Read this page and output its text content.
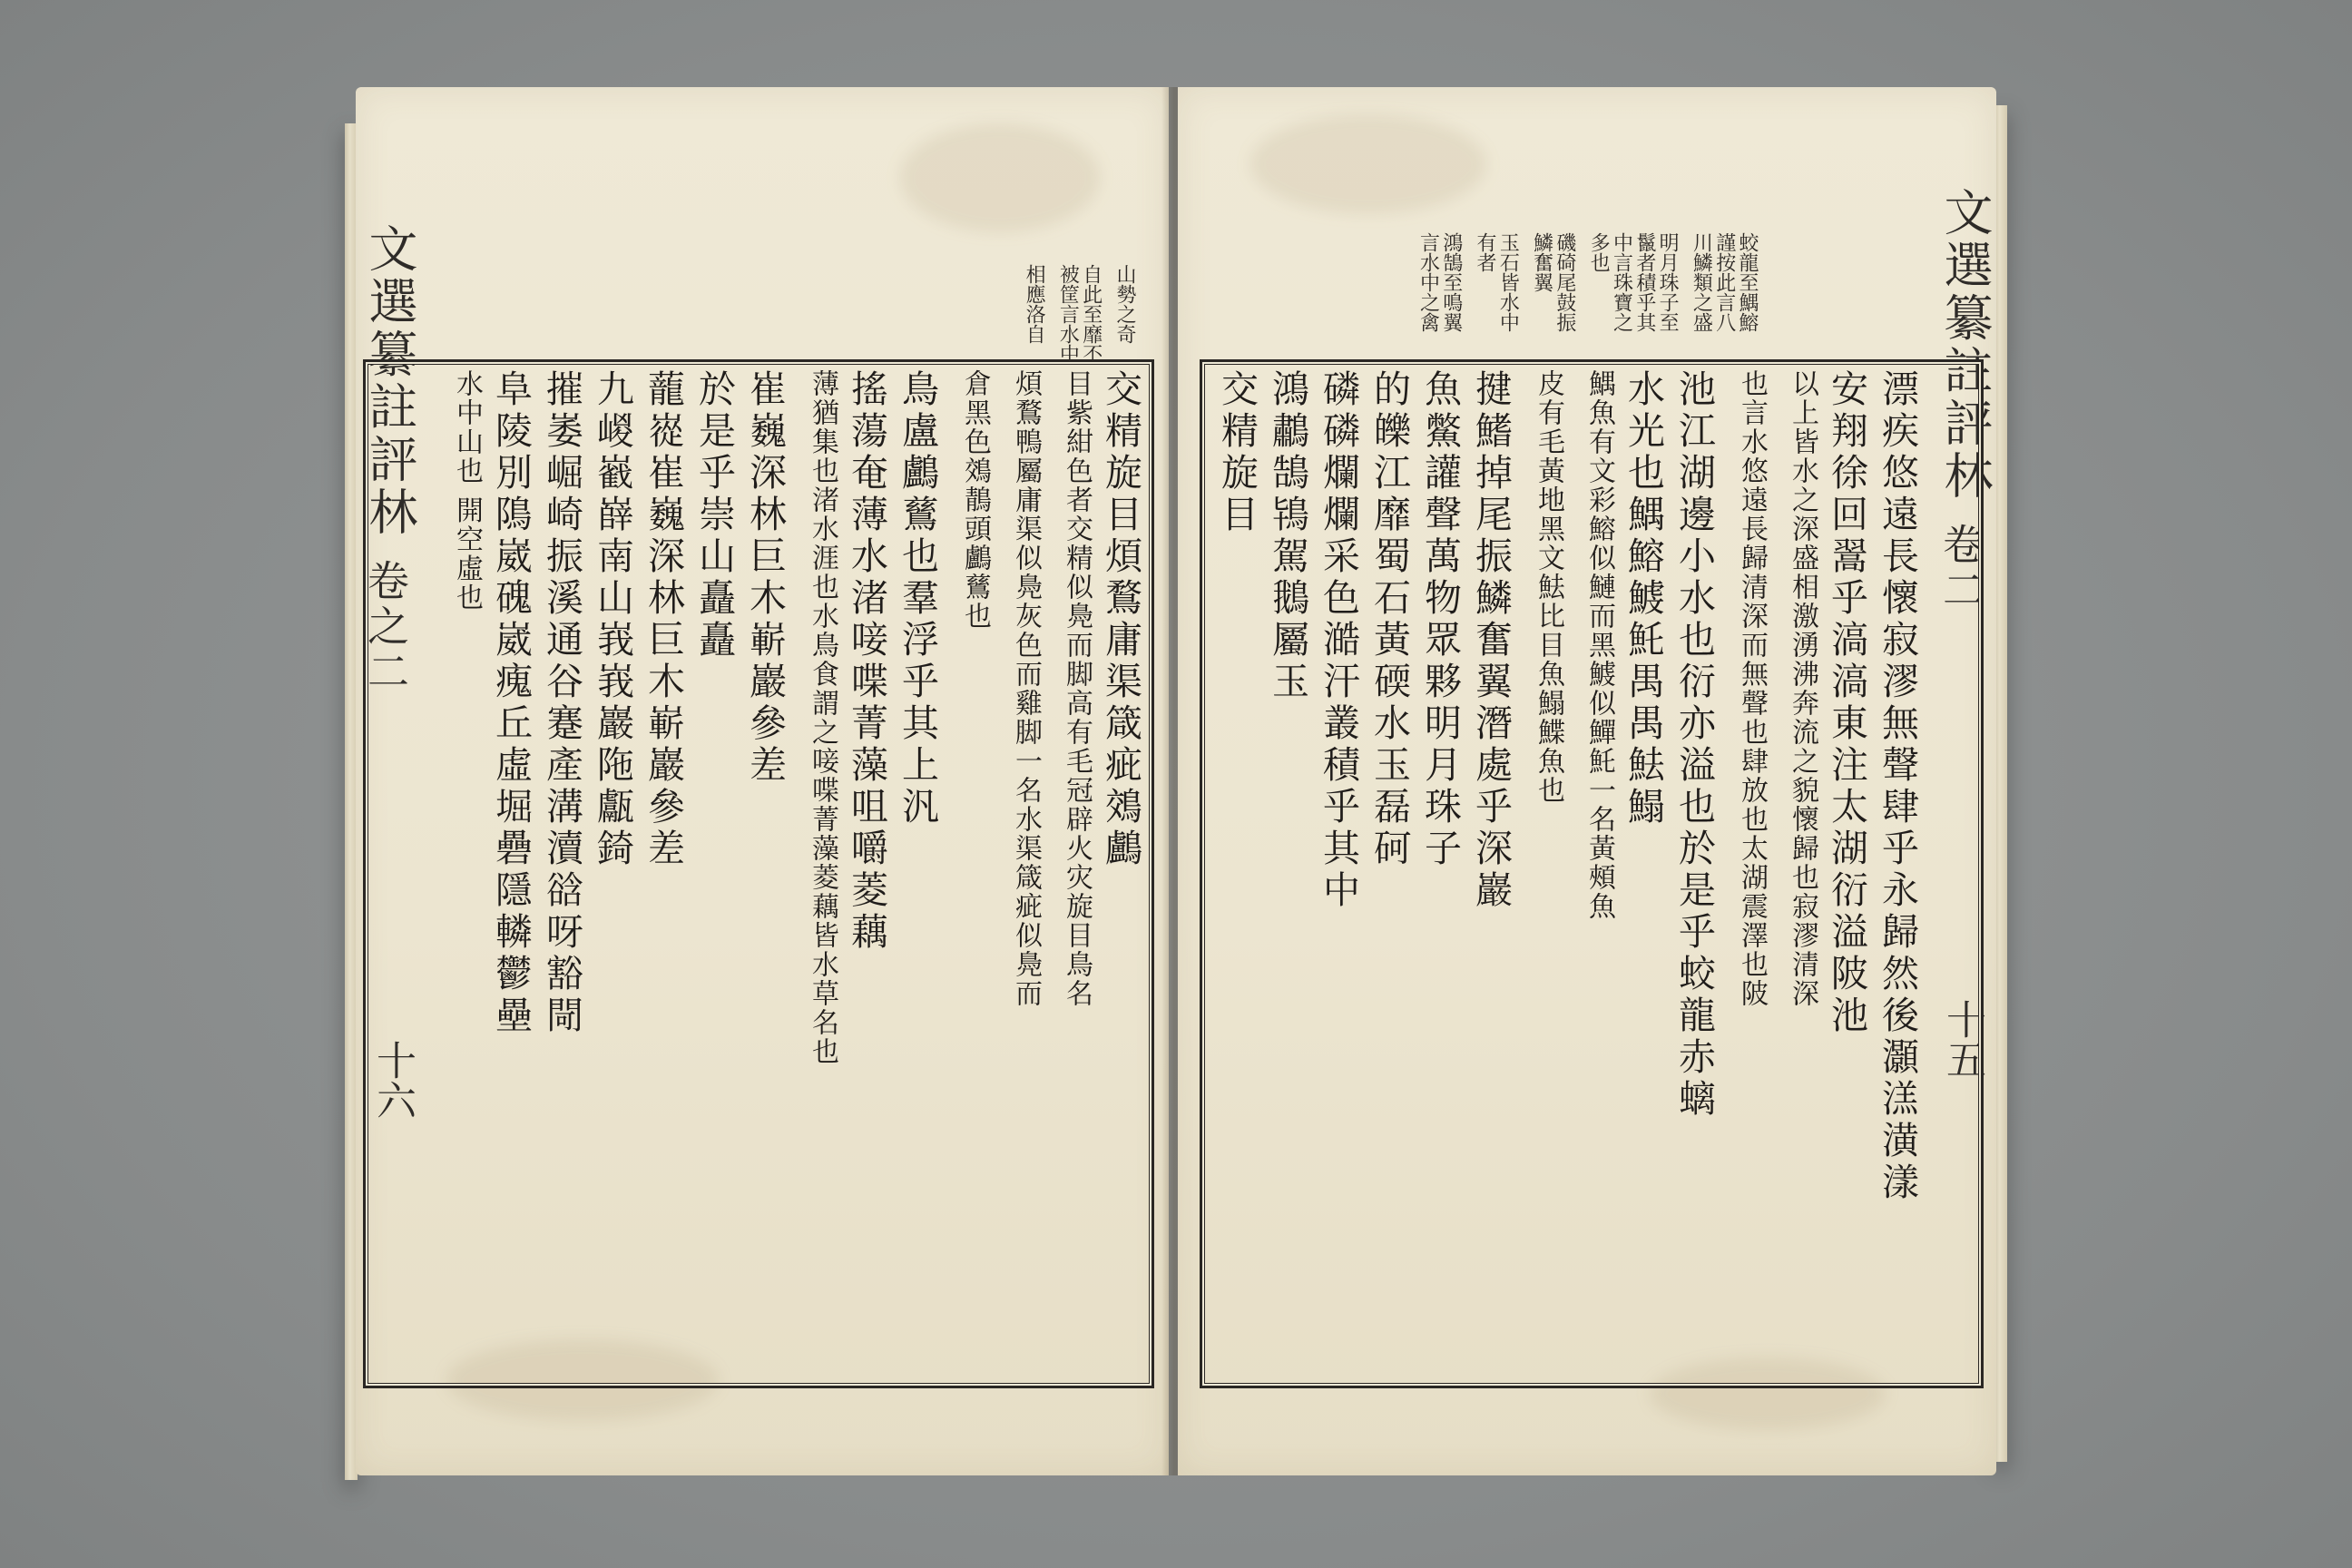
文選纂註評林
卷之二
十六
山勢之奇
自此至靡不被筐言水中
相應洛自
交精旋目煩鶩庸渠箴疵鵁鸕
目紫紺色者交精似鳧而脚高有毛冠辟火灾旋目鳥名
煩鶩鴨屬庸渠似鳧灰色而雞脚一名水渠箴疵似鳧而
倉黑色鵁鶄頭鸕鶿也
鳥盧鸕鶿也羣浮乎其上汎
搖蕩奄薄水渚唼喋菁藻咀嚼菱藕
薄猶集也渚水涯也水鳥食謂之唼喋菁藻菱藕皆水草名也
崔巍深林巨木嶄巖參差
於是乎崇山矗矗
蘢嵸崔巍深林巨木嶄巖參差
九嵕巀嶭南山峩峩巖陁甗錡
摧崣崛崎振溪通谷蹇產溝瀆谽呀豁閜
阜陵別隝崴磈崴瘣丘虛堀礨隱轔鬱壘
水中山也 開空虛也	文選纂註評林
卷二
十五
蛟龍至鰅鰫謹按此言八川鱗類之盛
明月珠子至鬣者積乎其中言珠寶之多也
磯碕尾鼓振鱗奮翼
玉石皆水中有者
鴻鵠至鳴翼言水中之禽
漂疾悠遠長懷寂漻無聲肆乎永歸然後灝溔潢漾
安翔徐回翯乎滈滈東注太湖衍溢陂池
以上皆水之深盛相激湧沸奔流之貌懷歸也寂漻清深
也言水悠遠長歸清深而無聲也肆放也太湖震澤也陂
池江湖邊小水也衍亦溢也於是乎蛟龍赤螭
水光也鰅鰫鰬魠禺禺魼鰨
鰅魚有文彩鰫似鰱而黑鰬似鱓魠一名黃頰魚
皮有毛黃地黑文魼比目魚鰨鰈魚也
揵鰭掉尾振鱗奮翼潛處乎深巖
魚鱉讙聲萬物眾夥明月珠子
的皪江靡蜀石黃碝水玉磊砢
磷磷爛爛采色澔汗叢積乎其中
鴻鷫鵠鴇駕鵝屬玉
交精旋目
